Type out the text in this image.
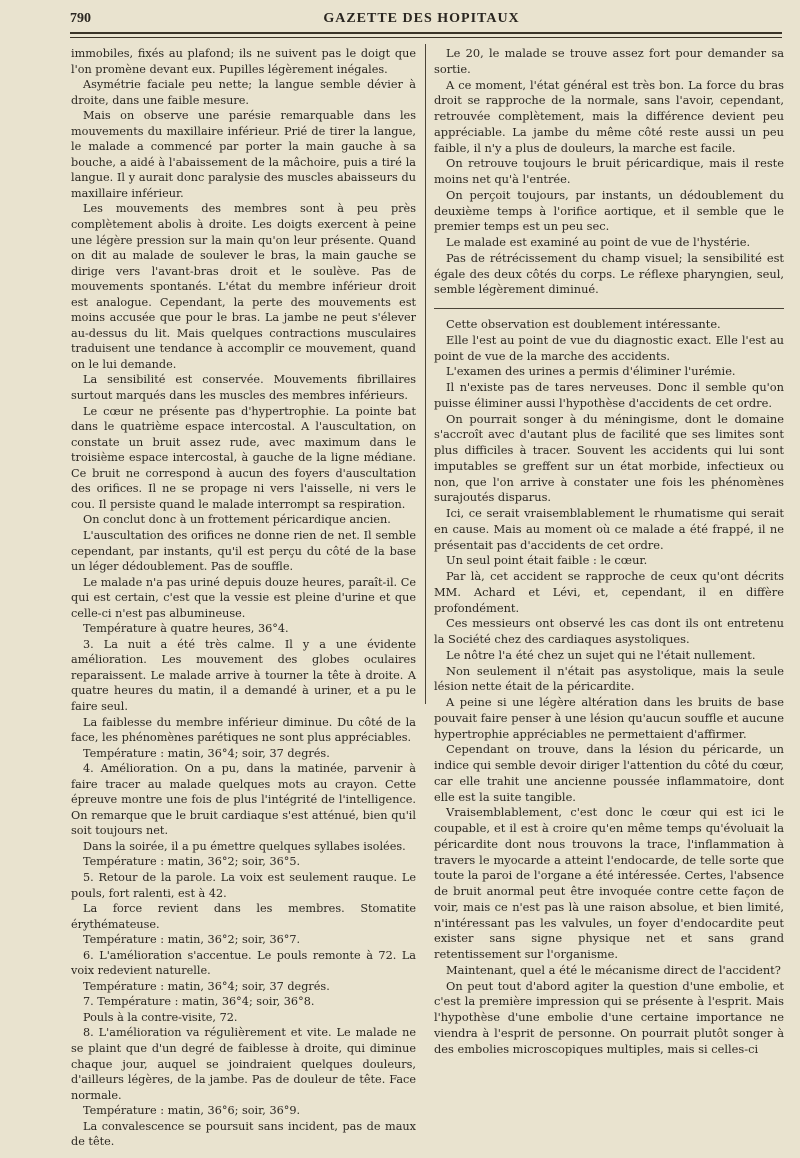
790	GAZETTE DES HOPITAUX

immobiles, fixés au plafond; ils ne suivent pas le doigt que l'on promène devant eux. Pupilles légèrement inégales.

Asymétrie faciale peu nette; la langue semble dévier à droite, dans une faible mesure.

Mais on observe une parésie remarquable dans les mouvements du maxillaire inférieur. Prié de tirer la langue, le malade a commencé par porter la main gauche à sa bouche, a aidé à l'abaissement de la mâchoire, puis a tiré la langue. Il y aurait donc paralysie des muscles abaisseurs du maxillaire inférieur.

Les mouvements des membres sont à peu près complètement abolis à droite. Les doigts exercent à peine une légère pression sur la main qu'on leur présente. Quand on dit au malade de soulever le bras, la main gauche se dirige vers l'avant-bras droit et le soulève. Pas de mouvements spontanés. L'état du membre inférieur droit est analogue. Cependant, la perte des mouvements est moins accusée que pour le bras. La jambe ne peut s'élever au-dessus du lit. Mais quelques contractions musculaires traduisent une tendance à accomplir ce mouvement, quand on le lui demande.

La sensibilité est conservée. Mouvements fibrillaires surtout marqués dans les muscles des membres inférieurs.

Le cœur ne présente pas d'hypertrophie. La pointe bat dans le quatrième espace intercostal. A l'auscultation, on constate un bruit assez rude, avec maximum dans le troisième espace intercostal, à gauche de la ligne médiane. Ce bruit ne correspond à aucun des foyers d'auscultation des orifices. Il ne se propage ni vers l'aisselle, ni vers le cou. Il persiste quand le malade interrompt sa respiration.

On conclut donc à un frottement péricardique ancien.

L'auscultation des orifices ne donne rien de net. Il semble cependant, par instants, qu'il est perçu du côté de la base un léger dédoublement. Pas de souffle.

Le malade n'a pas uriné depuis douze heures, paraît-il. Ce qui est certain, c'est que la vessie est pleine d'urine et que celle-ci n'est pas albumineuse.

Température à quatre heures, 36°4.

3. La nuit a été très calme. Il y a une évidente amélioration. Les mouvement des globes oculaires reparaissent. Le malade arrive à tourner la tête à droite. A quatre heures du matin, il a demandé à uriner, et a pu le faire seul.

La faiblesse du membre inférieur diminue. Du côté de la face, les phénomènes parétiques ne sont plus appréciables.

Température : matin, 36°4; soir, 37 degrés.

4. Amélioration. On a pu, dans la matinée, parvenir à faire tracer au malade quelques mots au crayon. Cette épreuve montre une fois de plus l'intégrité de l'intelligence. On remarque que le bruit cardiaque s'est atténué, bien qu'il soit toujours net.

Dans la soirée, il a pu émettre quelques syllabes isolées.

Température : matin, 36°2; soir, 36°5.

5. Retour de la parole. La voix est seulement rauque. Le pouls, fort ralenti, est à 42.

La force revient dans les membres. Stomatite érythémateuse.

Température : matin, 36°2; soir, 36°7.

6. L'amélioration s'accentue. Le pouls remonte à 72. La voix redevient naturelle.

Température : matin, 36°4; soir, 37 degrés.

7. Température : matin, 36°4; soir, 36°8.

Pouls à la contre-visite, 72.

8. L'amélioration va régulièrement et vite. Le malade ne se plaint que d'un degré de faiblesse à droite, qui diminue chaque jour, auquel se joindraient quelques douleurs, d'ailleurs légères, de la jambe. Pas de douleur de tête. Face normale.

Température : matin, 36°6; soir, 36°9.

La convalescence se poursuit sans incident, pas de maux de tête.

Le 20, le malade se trouve assez fort pour demander sa sortie.

A ce moment, l'état général est très bon. La force du bras droit se rapproche de la normale, sans l'avoir, cependant, retrouvée complètement, mais la différence devient peu appréciable. La jambe du même côté reste aussi un peu faible, il n'y a plus de douleurs, la marche est facile.

On retrouve toujours le bruit péricardique, mais il reste moins net qu'à l'entrée.

On perçoit toujours, par instants, un dédoublement du deuxième temps à l'orifice aortique, et il semble que le premier temps est un peu sec.

Le malade est examiné au point de vue de l'hystérie.

Pas de rétrécissement du champ visuel; la sensibilité est égale des deux côtés du corps. Le réflexe pharyngien, seul, semble légèrement diminué.

Cette observation est doublement intéressante.

Elle l'est au point de vue du diagnostic exact. Elle l'est au point de vue de la marche des accidents.

L'examen des urines a permis d'éliminer l'urémie.

Il n'existe pas de tares nerveuses. Donc il semble qu'on puisse éliminer aussi l'hypothèse d'accidents de cet ordre.

On pourrait songer à du méningisme, dont le domaine s'accroît avec d'autant plus de facilité que ses limites sont plus difficiles à tracer. Souvent les accidents qui lui sont imputables se greffent sur un état morbide, infectieux ou non, que l'on arrive à constater une fois les phénomènes surajoutés disparus.

Ici, ce serait vraisemblablement le rhumatisme qui serait en cause. Mais au moment où ce malade a été frappé, il ne présentait pas d'accidents de cet ordre.

Un seul point était faible : le cœur.

Par là, cet accident se rapproche de ceux qu'ont décrits MM. Achard et Lévi, et, cependant, il en diffère profondément.

Ces messieurs ont observé les cas dont ils ont entretenu la Société chez des cardiaques asystoliques.

Le nôtre l'a été chez un sujet qui ne l'était nullement.

Non seulement il n'était pas asystolique, mais la seule lésion nette était de la péricardite.

A peine si une légère altération dans les bruits de base pouvait faire penser à une lésion qu'aucun souffle et aucune hypertrophie appréciables ne permettaient d'affirmer.

Cependant on trouve, dans la lésion du péricarde, un indice qui semble devoir diriger l'attention du côté du cœur, car elle trahit une ancienne poussée inflammatoire, dont elle est la suite tangible.

Vraisemblablement, c'est donc le cœur qui est ici le coupable, et il est à croire qu'en même temps qu'évoluait la péricardite dont nous trouvons la trace, l'inflammation à travers le myocarde a atteint l'endocarde, de telle sorte que toute la paroi de l'organe a été intéressée. Certes, l'absence de bruit anormal peut être invoquée contre cette façon de voir, mais ce n'est pas là une raison absolue, et bien limité, n'intéressant pas les valvules, un foyer d'endocardite peut exister sans signe physique net et sans grand retentissement sur l'organisme.

Maintenant, quel a été le mécanisme direct de l'accident?

On peut tout d'abord agiter la question d'une embolie, et c'est la première impression qui se présente à l'esprit. Mais l'hypothèse d'une embolie d'une certaine importance ne viendra à l'esprit de personne. On pourrait plutôt songer à des embolies microscopiques multiples, mais si celles-ci
